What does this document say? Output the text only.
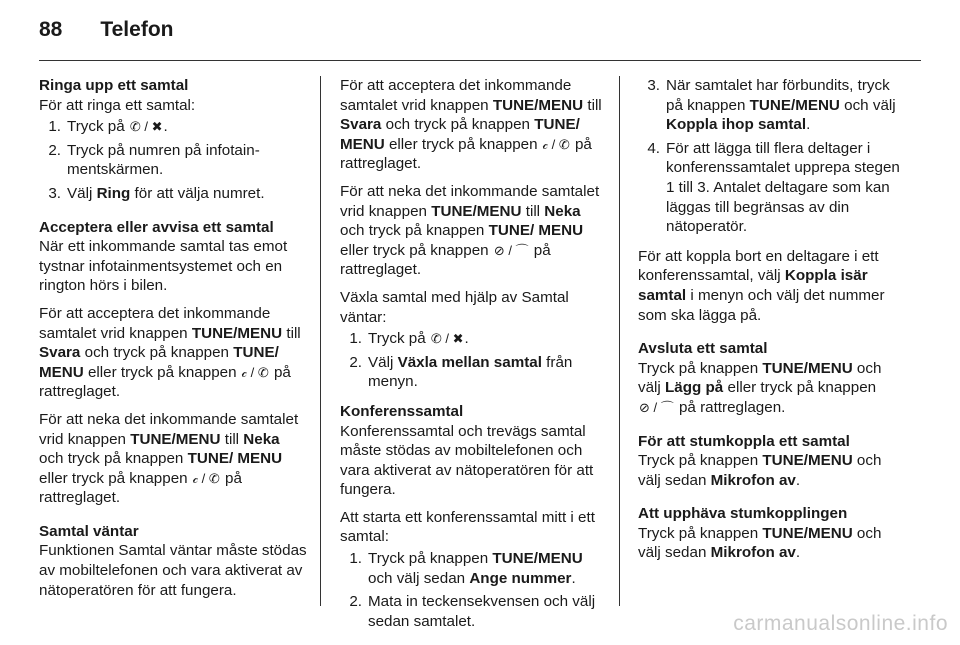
88 Telefon

Ringa upp ett samtal

För att ringa ett samtal:

1. Tryck på ✆ / ✖.
2. Tryck på numren på infotainmentskärmen.
3. Välj Ring för att välja numret.

Acceptera eller avvisa ett samtal

När ett inkommande samtal tas emot tystnar infotainmentsystemet och en rington hörs i bilen.

För att acceptera det inkommande samtalet vrid knappen TUNE/MENU till Svara och tryck på knappen TUNE/ MENU eller tryck på knappen 𝒸 / ✆ på rattreglaget.

För att neka det inkommande samtalet vrid knappen TUNE/MENU till Neka och tryck på knappen TUNE/ MENU eller tryck på knappen 𝒸 / ✆ på rattreglaget.

Samtal väntar

Funktionen Samtal väntar måste stödas av mobiltelefonen och vara aktiverat av nätoperatören för att fungera.

För att acceptera det inkommande samtalet vrid knappen TUNE/MENU till Svara och tryck på knappen TUNE/ MENU eller tryck på knappen 𝒸 / ✆ på rattreglaget.

För att neka det inkommande samtalet vrid knappen TUNE/MENU till Neka och tryck på knappen TUNE/ MENU eller tryck på knappen ⊘ / ⌒ på rattreglaget.

Växla samtal med hjälp av Samtal väntar:

1. Tryck på ✆ / ✖.
2. Välj Växla mellan samtal från menyn.

Konferenssamtal

Konferenssamtal och trevägs samtal måste stödas av mobiltelefonen och vara aktiverat av nätoperatören för att fungera.

Att starta ett konferenssamtal mitt i ett samtal:

1. Tryck på knappen TUNE/MENU och välj sedan Ange nummer.
2. Mata in teckensekvensen och välj sedan samtalet.
3. När samtalet har förbundits, tryck på knappen TUNE/MENU och välj Koppla ihop samtal.
4. För att lägga till flera deltager i konferenssamtalet upprepa stegen 1 till 3. Antalet deltagare som kan läggas till begränsas av din nätoperatör.

För att koppla bort en deltagare i ett konferenssamtal, välj Koppla isär samtal i menyn och välj det nummer som ska lägga på.

Avsluta ett samtal

Tryck på knappen TUNE/MENU och välj Lägg på eller tryck på knappen ⊘ / ⌒ på rattreglagen.

För att stumkoppla ett samtal

Tryck på knappen TUNE/MENU och välj sedan Mikrofon av.

Att upphäva stumkopplingen

Tryck på knappen TUNE/MENU och välj sedan Mikrofon av.

carmanualsonline.info
